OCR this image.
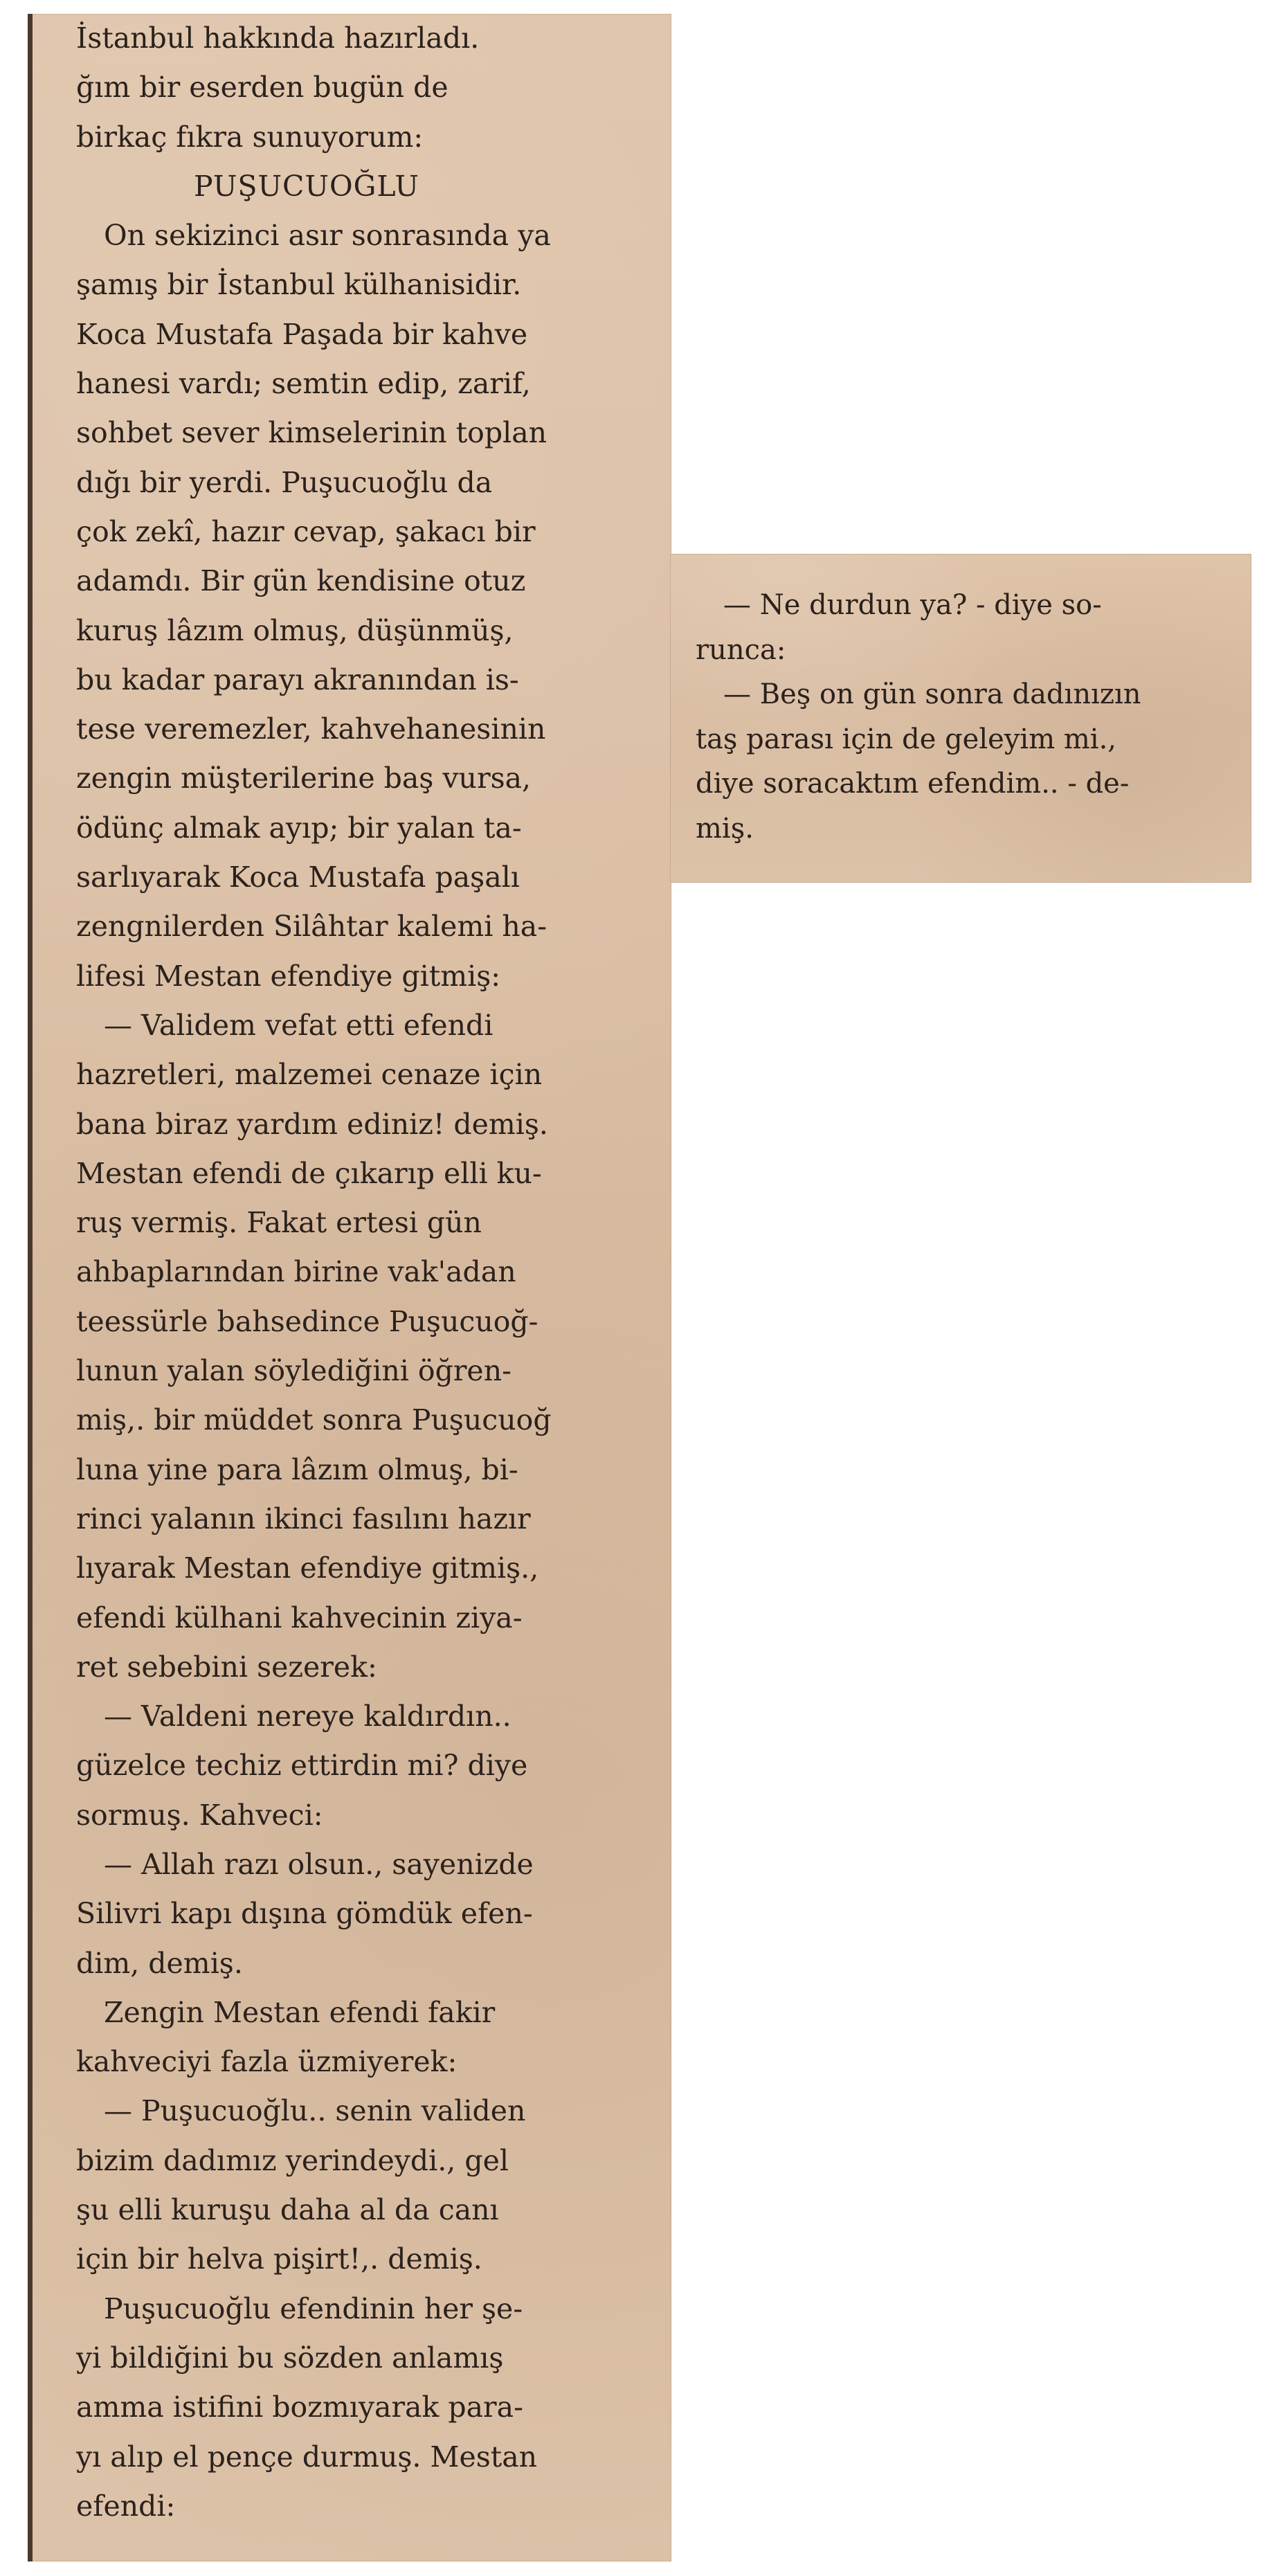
İstanbul hakkında hazırladı.
ğım bir eserden bugün de
birkaç fıkra sunuyorum:
PUŞUCUOĞLU
On sekizinci asır sonrasında ya
şamış bir İstanbul külhanisidir.
Koca Mustafa Paşada bir kahve
hanesi vardı; semtin edip, zarif,
sohbet sever kimselerinin toplan
dığı bir yerdi. Puşucuoğlu da
çok zekî, hazır cevap, şakacı bir
adamdı. Bir gün kendisine otuz
kuruş lâzım olmuş, düşünmüş,
bu kadar parayı akranından is-
tese veremezler, kahvehanesinin
zengin müşterilerine baş vursa,
ödünç almak ayıp; bir yalan ta-
sarlıyarak Koca Mustafa paşalı
zengnilerden Silâhtar kalemi ha-
lifesi Mestan efendiye gitmiş:
— Validem vefat etti efendi
hazretleri, malzemei cenaze için
bana biraz yardım ediniz! demiş.
Mestan efendi de çıkarıp elli ku-
ruş vermiş. Fakat ertesi gün
ahbaplarından birine vak'adan
teessürle bahsedince Puşucuoğ-
lunun yalan söylediğini öğren-
miş,. bir müddet sonra Puşucuoğ
luna yine para lâzım olmuş, bi-
rinci yalanın ikinci fasılını hazır
lıyarak Mestan efendiye gitmiş.,
efendi külhani kahvecinin ziya-
ret sebebini sezerek:
— Valdeni nereye kaldırdın..
güzelce techiz ettirdin mi? diye
sormuş. Kahveci:
— Allah razı olsun., sayenizde
Silivri kapı dışına gömdük efen-
dim, demiş.
Zengin Mestan efendi fakir
kahveciyi fazla üzmiyerek:
— Puşucuoğlu.. senin validen
bizim dadımız yerindeydi., gel
şu elli kuruşu daha al da canı
için bir helva pişirt!,. demiş.
Puşucuoğlu efendinin her şe-
yi bildiğini bu sözden anlamış
amma istifini bozmıyarak para-
yı alıp el pençe durmuş. Mestan
efendi:
— Ne durdun ya? - diye so-
runca:
— Beş on gün sonra dadınızın
taş parası için de geleyim mi.,
diye soracaktım efendim.. - de-
miş.
